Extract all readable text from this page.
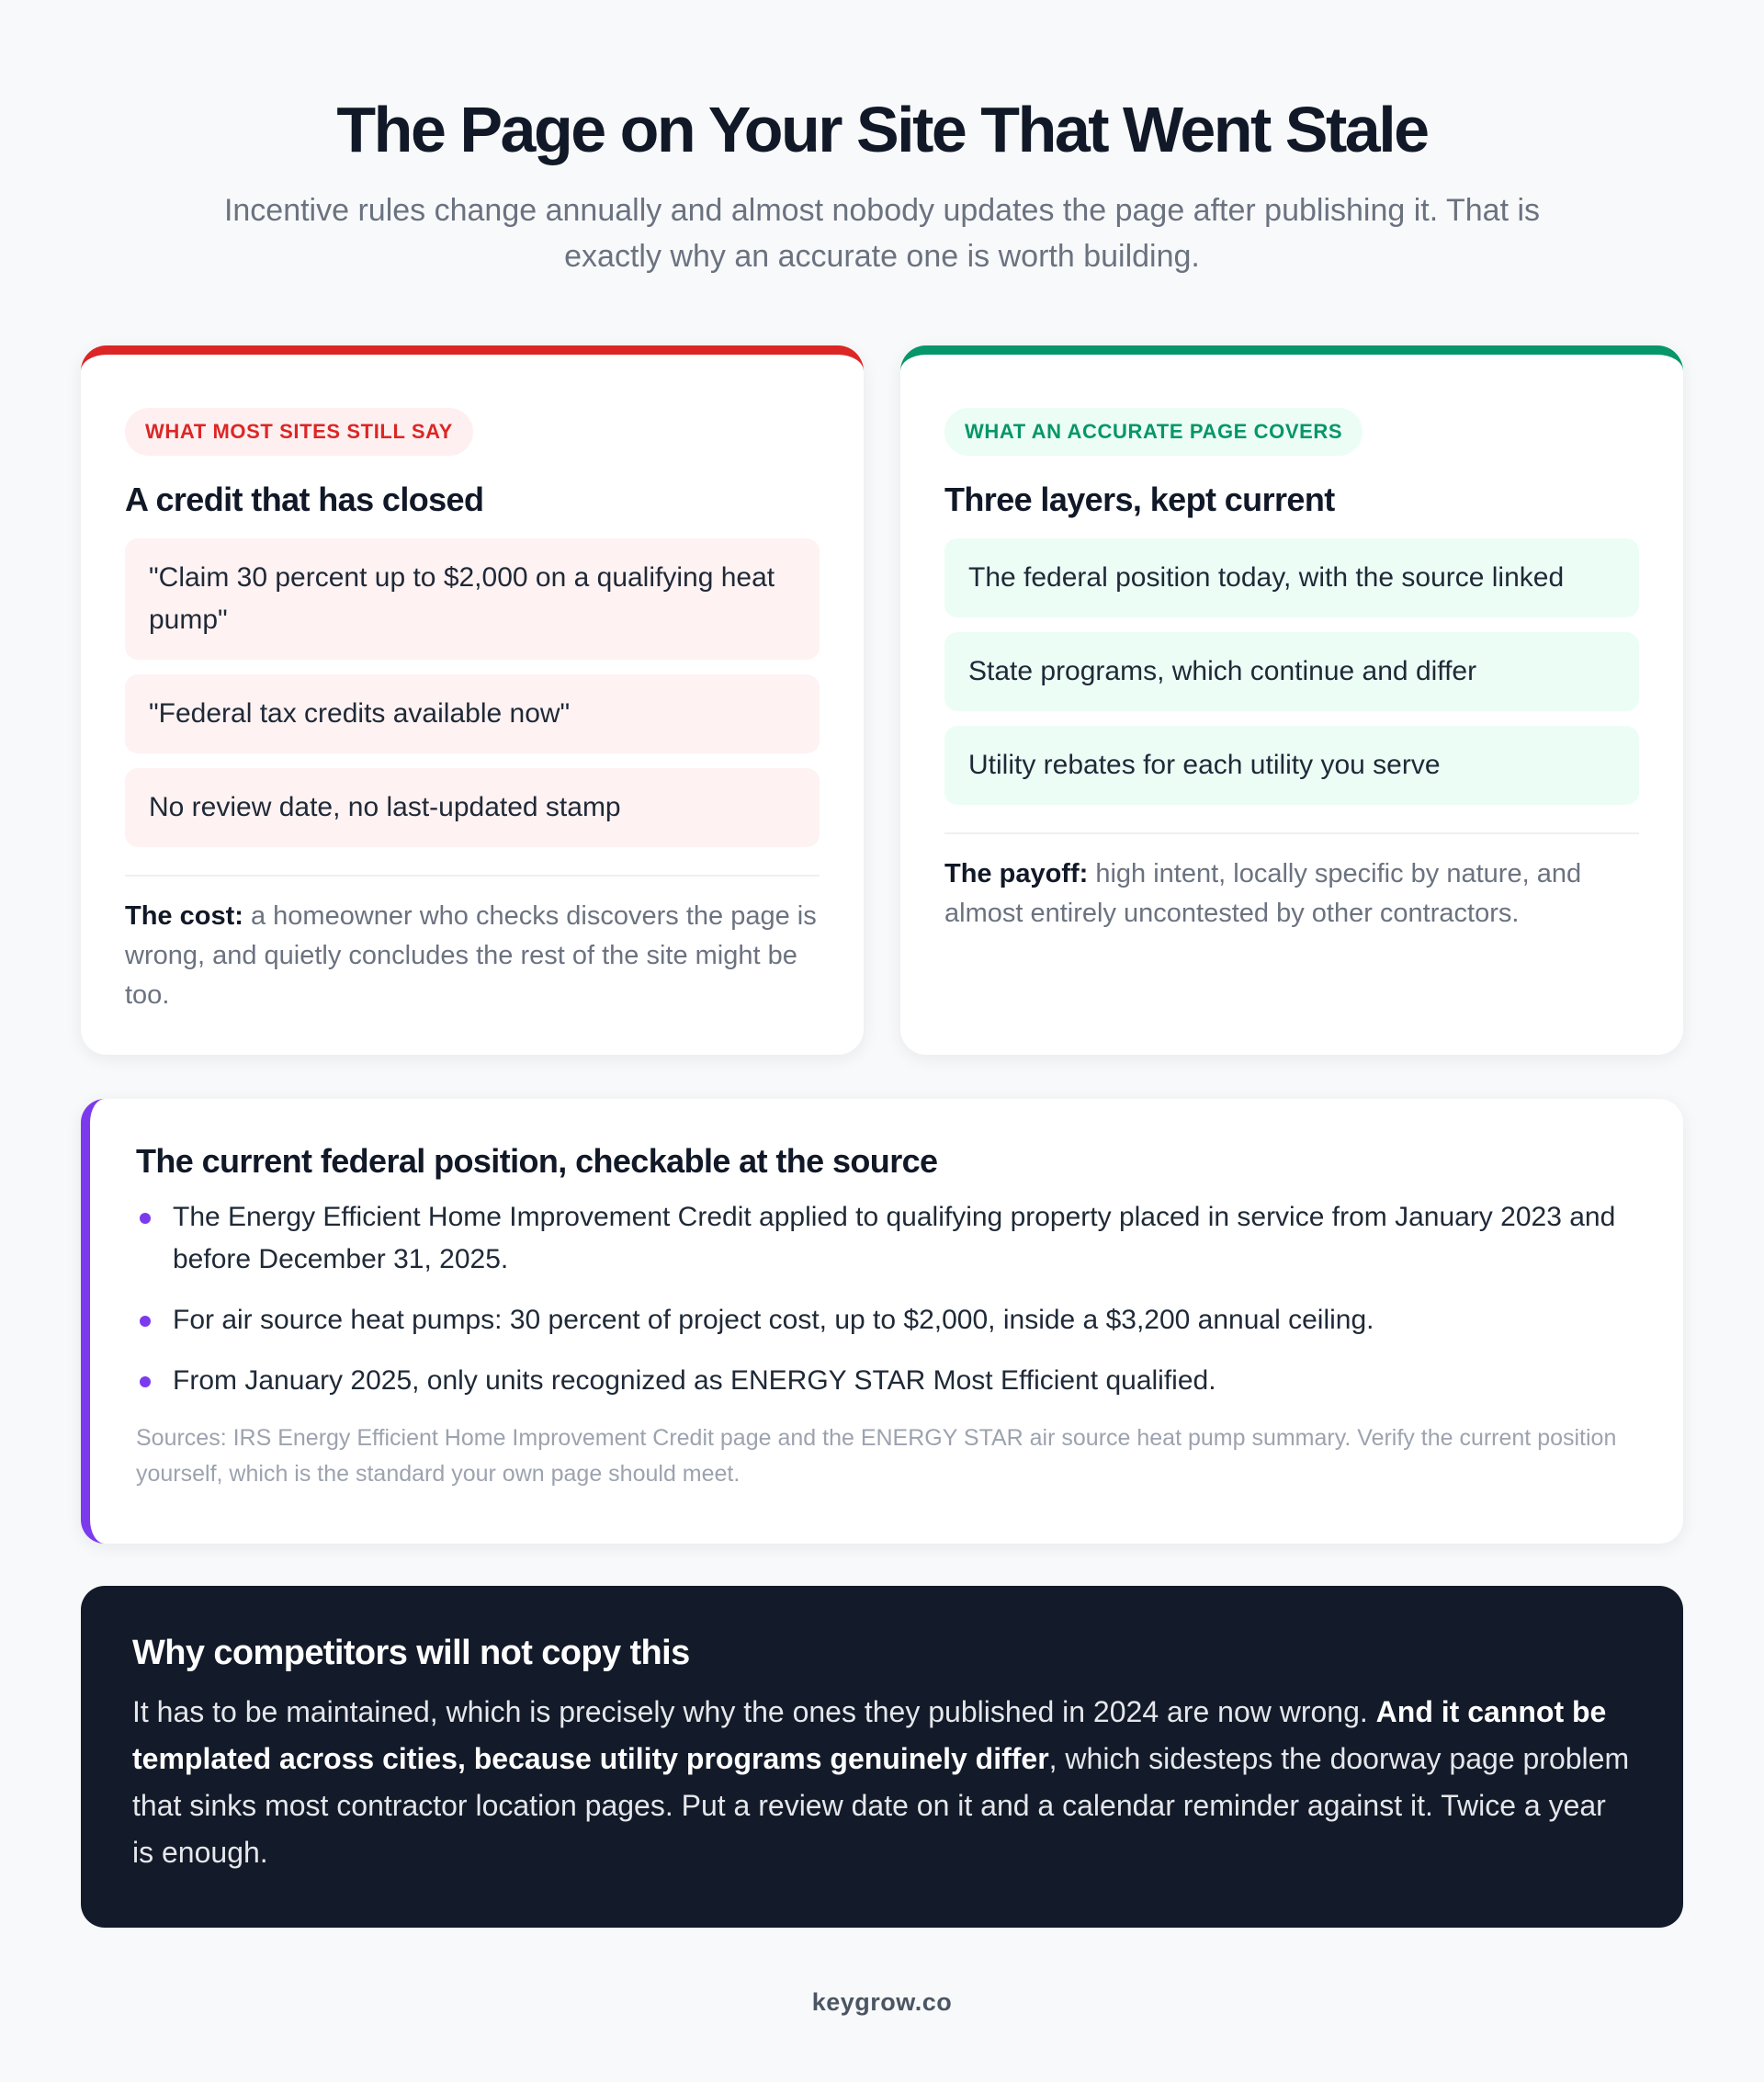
The Page on Your Site That Went Stale

Incentive rules change annually and almost nobody updates the page after publishing it. That is exactly why an accurate one is worth building.

WHAT MOST SITES STILL SAY
A credit that has closed
"Claim 30 percent up to $2,000 on a qualifying heat pump"
"Federal tax credits available now"
No review date, no last-updated stamp

The cost: a homeowner who checks discovers the page is wrong, and quietly concludes the rest of the site might be too.

WHAT AN ACCURATE PAGE COVERS
Three layers, kept current
The federal position today, with the source linked
State programs, which continue and differ
Utility rebates for each utility you serve

The payoff: high intent, locally specific by nature, and almost entirely uncontested by other contractors.

The current federal position, checkable at the source
The Energy Efficient Home Improvement Credit applied to qualifying property placed in service from January 2023 and before December 31, 2025.
For air source heat pumps: 30 percent of project cost, up to $2,000, inside a $3,200 annual ceiling.
From January 2025, only units recognized as ENERGY STAR Most Efficient qualified.

Sources: IRS Energy Efficient Home Improvement Credit page and the ENERGY STAR air source heat pump summary. Verify the current position yourself, which is the standard your own page should meet.

Why competitors will not copy this

It has to be maintained, which is precisely why the ones they published in 2024 are now wrong. And it cannot be templated across cities, because utility programs genuinely differ, which sidesteps the doorway page problem that sinks most contractor location pages. Put a review date on it and a calendar reminder against it. Twice a year is enough.

keygrow.co
